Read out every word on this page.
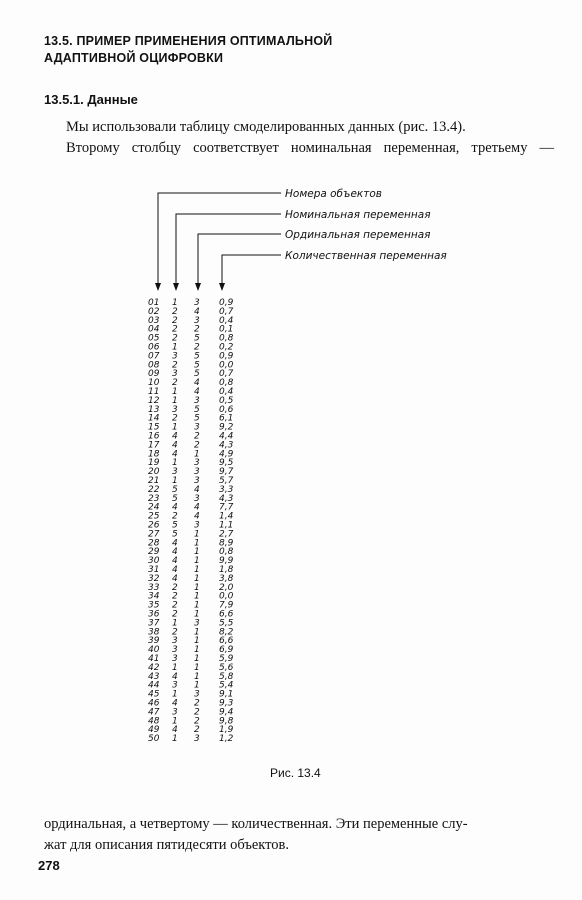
13.5. ПРИМЕР ПРИМЕНЕНИЯ ОПТИМАЛЬНОЙ
АДАПТИВНОЙ ОЦИФРОВКИ
13.5.1. Данные

Мы использовали таблицу смоделированных данных (рис. 13.4).
Второму столбцу соответствует номинальная переменная, третьему —

Номера объектов
Номинальная переменная
Ординальная переменная
Количественная переменная
01 1 3 0,9
02 2 4 0,7
03 2 3 0,4
04 2 2 0,1
05 2 5 0,8
06 1 2 0,2
07 3 5 0,9
08 2 5 0,0
09 3 5 0,7
10 2 4 0,8
11 1 4 0,4
12 1 3 0,5
13 3 5 0,6
14 2 5 6,1
15 1 3 9,2
16 4 2 4,4
17 4 2 4,3
18 4 1 4,9
19 1 3 9,5
20 3 3 9,7
21 1 3 5,7
22 5 4 3,3
23 5 3 4,3
24 4 4 7,7
25 2 4 1,4
26 5 3 1,1
27 5 1 2,7
28 4 1 8,9
29 4 1 0,8
30 4 1 9,9
31 4 1 1,8
32 4 1 3,8
33 2 1 2,0
34 2 1 0,0
35 2 1 7,9
36 2 1 6,6
37 1 3 5,5
38 2 1 8,2
39 3 1 6,6
40 3 1 6,9
41 3 1 5,9
42 1 1 5,6
43 4 1 5,8
44 3 1 5,4
45 1 3 9,1
46 4 2 9,3
47 3 2 9,4
48 1 2 9,8
49 4 2 1,9
50 1 3 1,2
Рис. 13.4

ординальная, а четвертому — количественная. Эти переменные слу-
жат для описания пятидесяти объектов.

278
